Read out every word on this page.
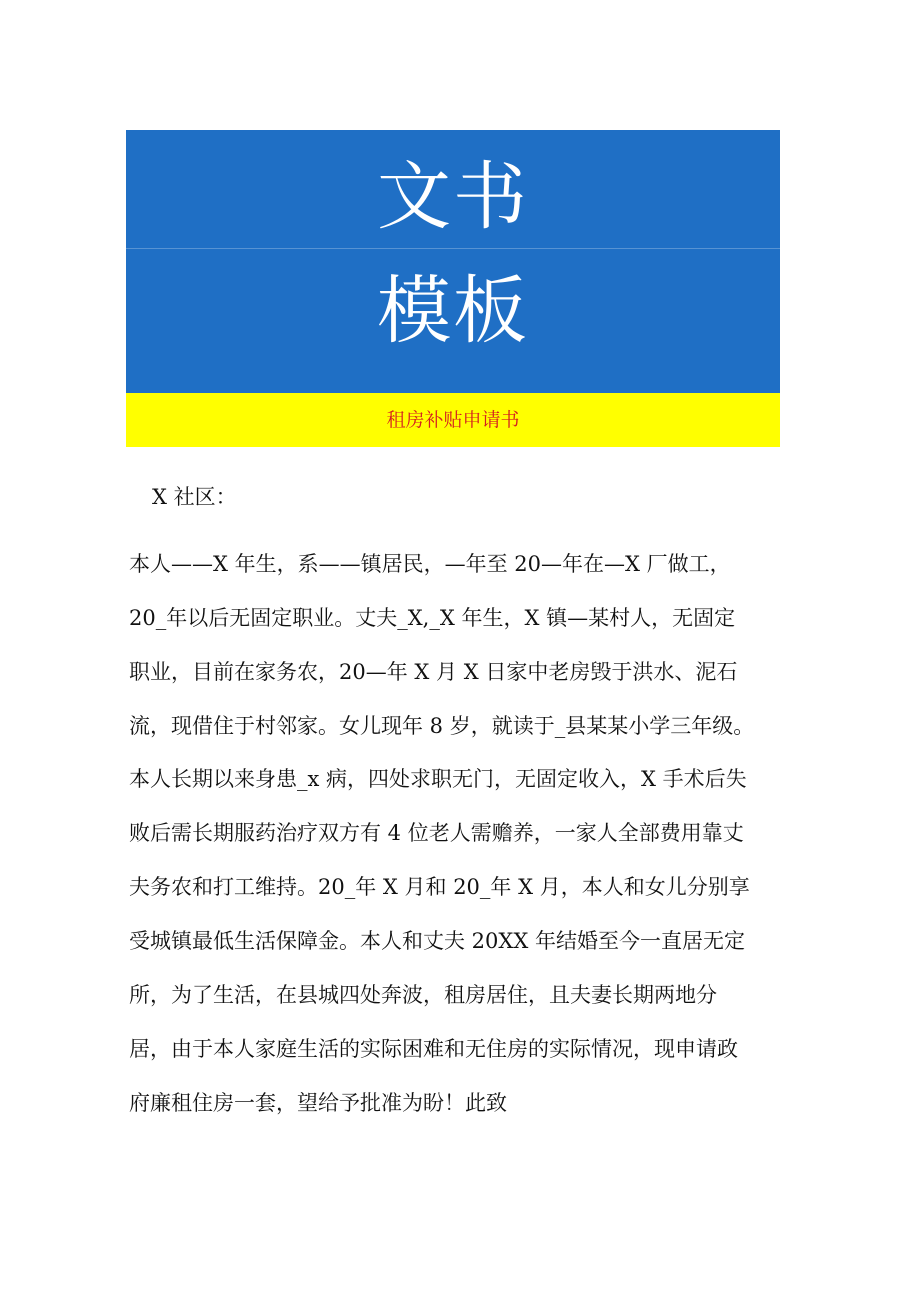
文书
模板
租房补贴申请书
X 社区：
本人——X 年生，系——镇居民，—年至 20—年在—X 厂做工，
20_年以后无固定职业。丈夫_X,_X 年生，X 镇—某村人，无固定
职业，目前在家务农，20—年 X 月 X 日家中老房毁于洪水、泥石
流，现借住于村邻家。女儿现年 8 岁，就读于_县某某小学三年级。
本人长期以来身患_x 病，四处求职无门，无固定收入，X 手术后失
败后需长期服药治疗双方有 4 位老人需赡养，一家人全部费用靠丈
夫务农和打工维持。20_年 X 月和 20_年 X 月，本人和女儿分别享
受城镇最低生活保障金。本人和丈夫 20XX 年结婚至今一直居无定
所，为了生活，在县城四处奔波，租房居住，且夫妻长期两地分
居，由于本人家庭生活的实际困难和无住房的实际情况，现申请政
府廉租住房一套，望给予批准为盼！此致
